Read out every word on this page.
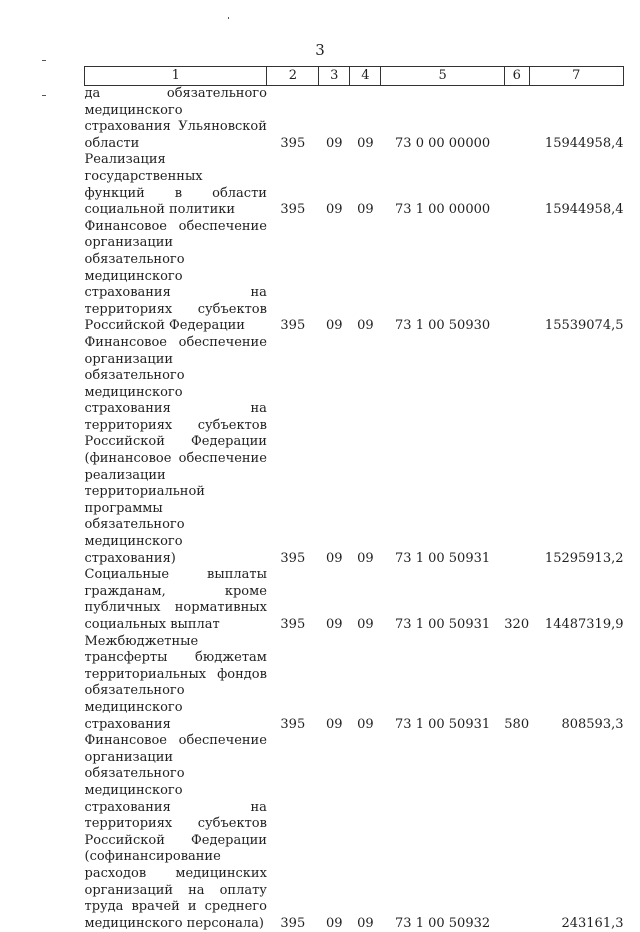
3
1	2	3	4	5	6	7
да обязательного медицинского страхования Ульяновской области	395	09	09	73 0 00 00000		15944958,4
Реализация государственных функций в области социальной политики	395	09	09	73 1 00 00000		15944958,4
Финансовое обеспечение организации обязательного медицинского страхования на территориях субъектов Российской Федерации	395	09	09	73 1 00 50930		15539074,5
Финансовое обеспечение организации обязательного медицинского страхования на территориях субъектов Российской Федерации (финансовое обеспечение реализации территориальной программы обязательного медицинского страхования)	395	09	09	73 1 00 50931		15295913,2
Социальные выплаты гражданам, кроме публичных нормативных социальных выплат	395	09	09	73 1 00 50931	320	14487319,9
Межбюджетные трансферты бюджетам территориальных фондов обязательного медицинского страхования	395	09	09	73 1 00 50931	580	808593,3
Финансовое обеспечение организации обязательного медицинского страхования на территориях субъектов Российской Федерации (софинансирование расходов медицинских организаций на оплату труда врачей и среднего медицинского персонала)	395	09	09	73 1 00 50932		243161,3
